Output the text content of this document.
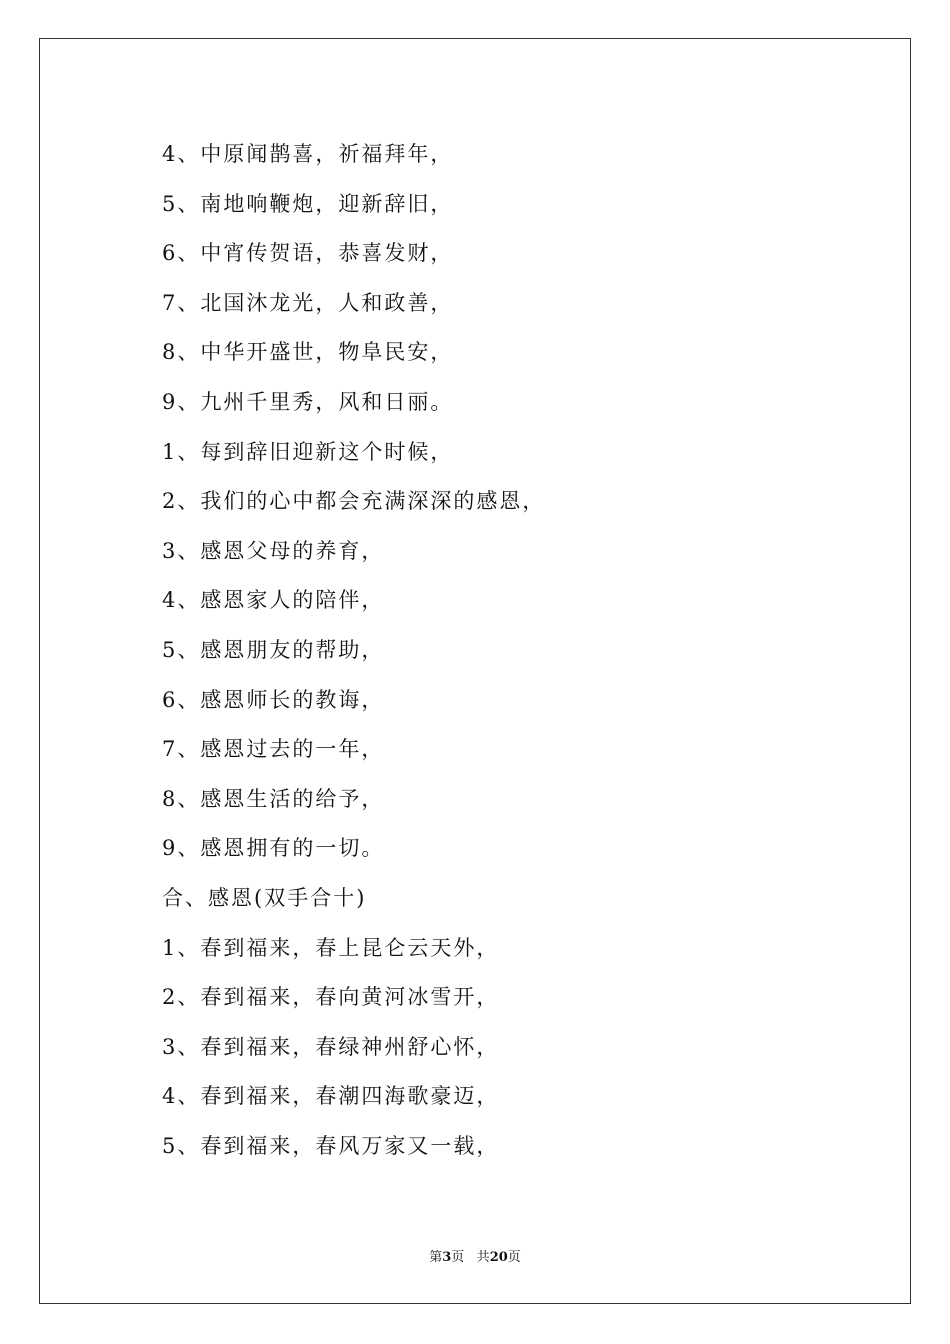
4、中原闻鹊喜，祈福拜年，

5、南地响鞭炮，迎新辞旧，

6、中宵传贺语，恭喜发财，

7、北国沐龙光，人和政善，

8、中华开盛世，物阜民安，

9、九州千里秀，风和日丽。

1、每到辞旧迎新这个时候，

2、我们的心中都会充满深深的感恩，

3、感恩父母的养育，

4、感恩家人的陪伴，

5、感恩朋友的帮助，

6、感恩师长的教诲，

7、感恩过去的一年，

8、感恩生活的给予，

9、感恩拥有的一切。

合、感恩(双手合十)

1、春到福来，春上昆仑云天外，

2、春到福来，春向黄河冰雪开，

3、春到福来，春绿神州舒心怀，

4、春到福来，春潮四海歌豪迈，

5、春到福来，春风万家又一载，

第3页 共20页
